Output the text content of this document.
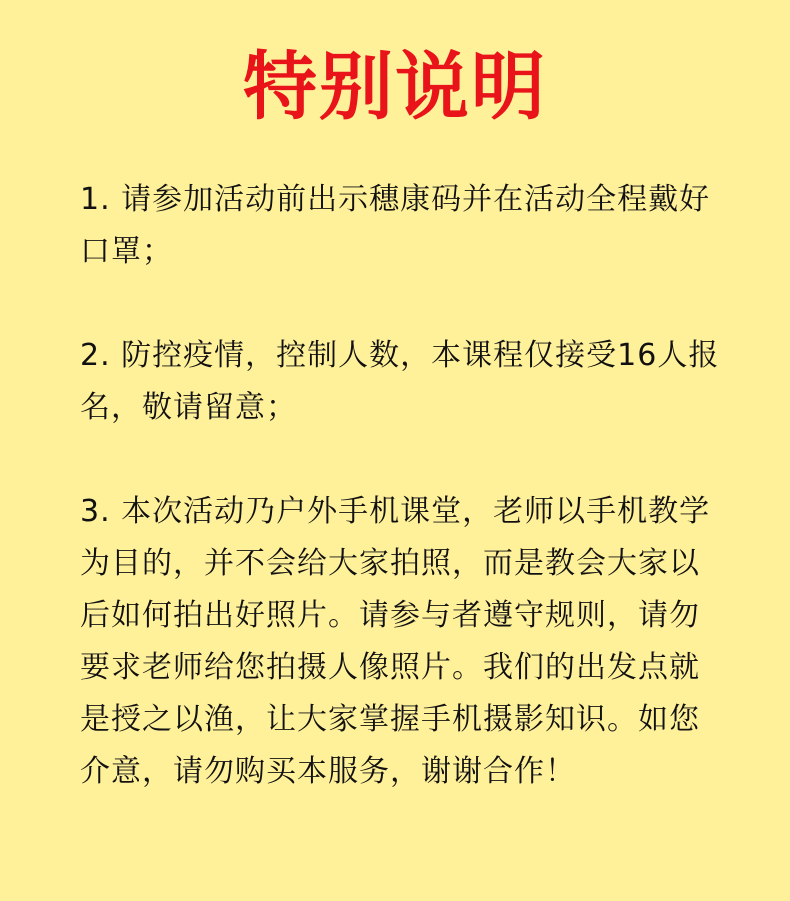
特别说明

1. 请参加活动前出示穗康码并在活动全程戴好口罩；

2. 防控疫情，控制人数，本课程仅接受16人报名，敬请留意；

3. 本次活动乃户外手机课堂，老师以手机教学为目的，并不会给大家拍照，而是教会大家以后如何拍出好照片。请参与者遵守规则，请勿要求老师给您拍摄人像照片。我们的出发点就是授之以渔，让大家掌握手机摄影知识。如您介意，请勿购买本服务，谢谢合作！
